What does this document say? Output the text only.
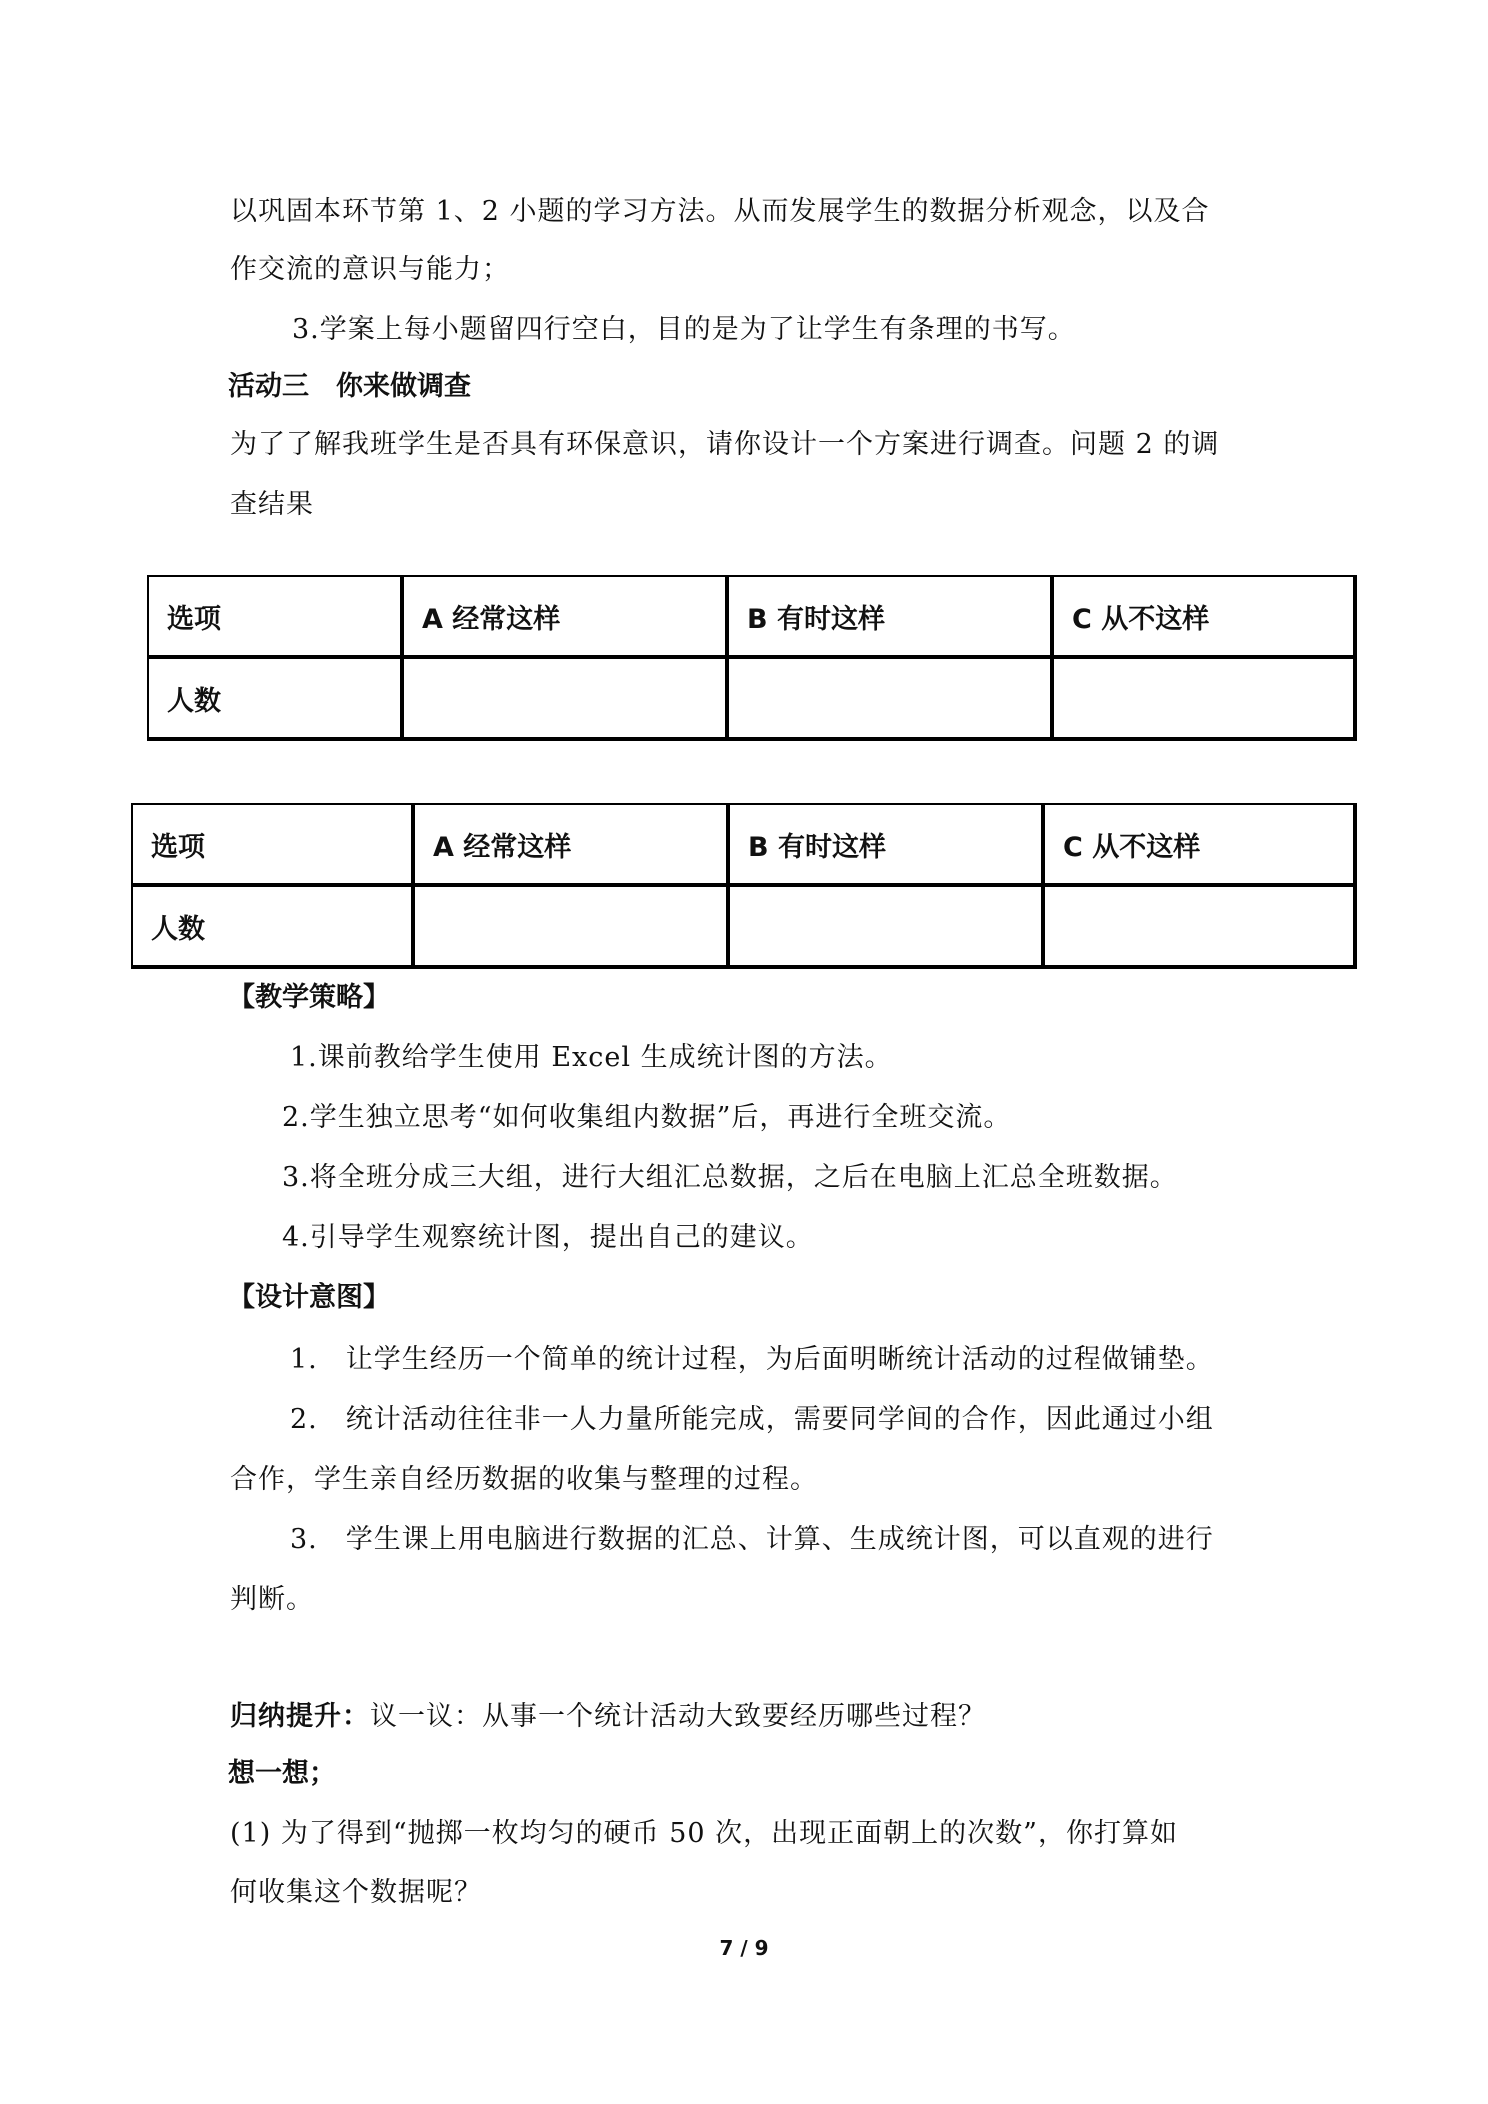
以巩固本环节第 1、2 小题的学习方法。从而发展学生的数据分析观念，以及合
作交流的意识与能力；
3.学案上每小题留四行空白，目的是为了让学生有条理的书写。
活动三　你来做调查
为了了解我班学生是否具有环保意识，请你设计一个方案进行调查。问题 2 的调
查结果
选项	A 经常这样	B 有时这样	C 从不这样
人数			
选项	A 经常这样	B 有时这样	C 从不这样
人数			
【教学策略】
1.课前教给学生使用 Excel 生成统计图的方法。
2.学生独立思考“如何收集组内数据”后，再进行全班交流。
3.将全班分成三大组，进行大组汇总数据，之后在电脑上汇总全班数据。
4.引导学生观察统计图，提出自己的建议。
【设计意图】
1.　让学生经历一个简单的统计过程，为后面明晰统计活动的过程做铺垫。
2.　统计活动往往非一人力量所能完成，需要同学间的合作，因此通过小组
合作，学生亲自经历数据的收集与整理的过程。
3.　学生课上用电脑进行数据的汇总、计算、生成统计图，可以直观的进行
判断。
归纳提升：议一议：从事一个统计活动大致要经历哪些过程？
想一想；
(1) 为了得到“抛掷一枚均匀的硬币 50 次，出现正面朝上的次数”，你打算如
何收集这个数据呢？
7 / 9
